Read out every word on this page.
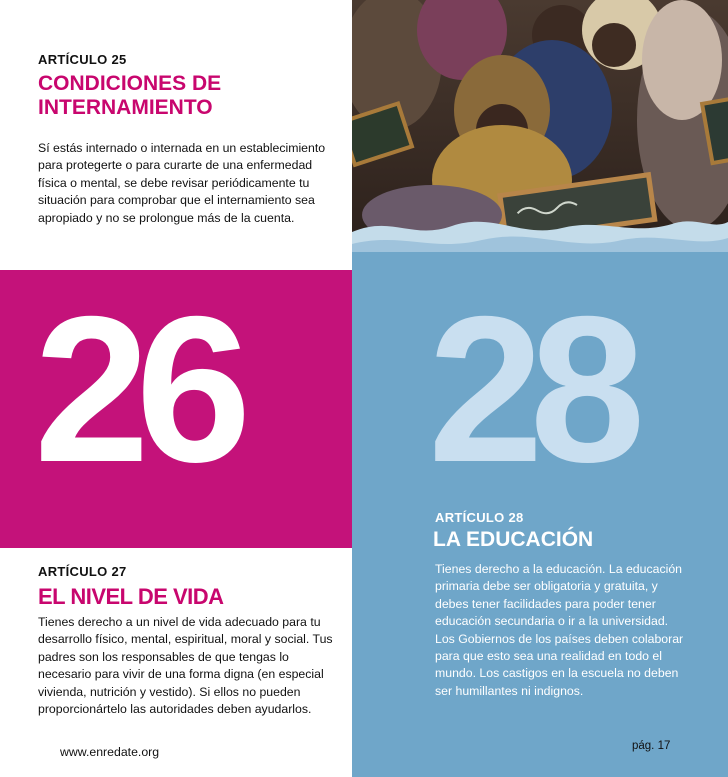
ARTÍCULO 25
CONDICIONES DE INTERNAMIENTO
Sí estás internado o internada en un establecimiento para protegerte o para curarte de una enfermedad física o mental, se debe revisar periódicamente tu situación para comprobar que el internamiento sea apropiado y no se prolongue más de la cuenta.
26 28
ARTÍCULO 28
LA EDUCACIÓN
Tienes derecho a la educación. La educación primaria debe ser obligatoria y gratuita, y debes tener facilidades para poder tener educación secundaria o ir a la universidad. Los Gobiernos de los países deben colaborar para que esto sea una realidad en todo el mundo. Los castigos en la escuela no deben ser humillantes ni indignos.
ARTÍCULO 27
EL NIVEL DE VIDA
Tienes derecho a un nivel de vida adecuado para tu desarrollo físico, mental, espiritual, moral y social. Tus padres son los responsables de que tengas lo necesario para vivir de una forma digna (en especial vivienda, nutrición y vestido). Si ellos no pueden proporcionártelo las autoridades deben ayudarlos.
www.enredate.org	pág. 17
